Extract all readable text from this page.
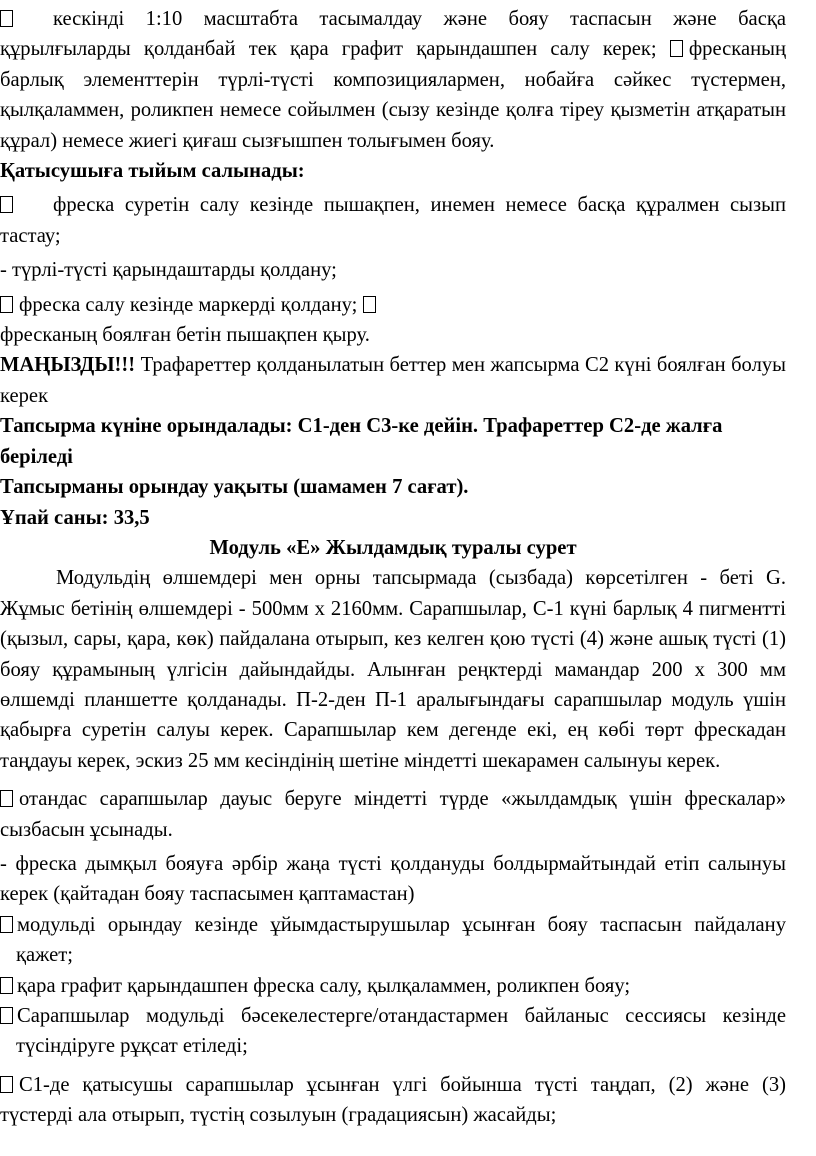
кескінді 1:10 масштабта тасымалдау және бояу таспасын және басқа құрылғыларды қолданбай тек қара графит қарындашпен салу керек; фресканың барлық элементтерін түрлі-түсті композициялармен, нобайға сәйкес түстермен, қылқаламмен, роликпен немесе сойылмен (сызу кезінде қолға тіреу қызметін атқаратын құрал) немесе жиегі қиғаш сызғышпен толығымен бояу.

Қатысушыға тыйым салынады:

фреска суретін салу кезінде пышақпен, инемен немесе басқа құралмен сызып тастау;

- түрлі-түсті қарындаштарды қолдану;

фреска салу кезінде маркерді қолдану;
фресканың боялған бетін пышақпен қыру.

МАҢЫЗДЫ!!! Трафареттер қолданылатын беттер мен жапсырма С2 күні боялған болуы керек

Тапсырма күніне орындалады: С1-ден С3-ке дейін. Трафареттер С2-де жалға беріледі

Тапсырманы орындау уақыты (шамамен 7 сағат).

Ұпай саны: 33,5

Модуль «E» Жылдамдық туралы сурет

Модульдің өлшемдері мен орны тапсырмада (сызбада) көрсетілген - беті G. Жұмыс бетінің өлшемдері - 500мм х 2160мм. Сарапшылар, С-1 күні барлық 4 пигментті (қызыл, сары, қара, көк) пайдалана отырып, кез келген қою түсті (4) және ашық түсті (1) бояу құрамының үлгісін дайындайды. Алынған реңктерді мамандар 200 х 300 мм өлшемді планшетте қолданады. П-2-ден П-1 аралығындағы сарапшылар модуль үшін қабырға суретін салуы керек. Сарапшылар кем дегенде екі, ең көбі төрт фрескадан таңдауы керек, эскиз 25 мм кесіндінің шетіне міндетті шекарамен салынуы керек.

отандас сарапшылар дауыс беруге міндетті түрде «жылдамдық үшін фрескалар» сызбасын ұсынады.

- фреска дымқыл бояуға әрбір жаңа түсті қолдануды болдырмайтындай етіп салынуы керек (қайтадан бояу таспасымен қаптамастан)

модульді орындау кезінде ұйымдастырушылар ұсынған бояу таспасын пайдалану қажет;

қара графит қарындашпен фреска салу, қылқаламмен, роликпен бояу;

Сарапшылар модульді бәсекелестерге/отандастармен байланыс сессиясы кезінде түсіндіруге рұқсат етіледі;

С1-де қатысушы сарапшылар ұсынған үлгі бойынша түсті таңдап, (2) және (3) түстерді ала отырып, түстің созылуын (градациясын) жасайды;
